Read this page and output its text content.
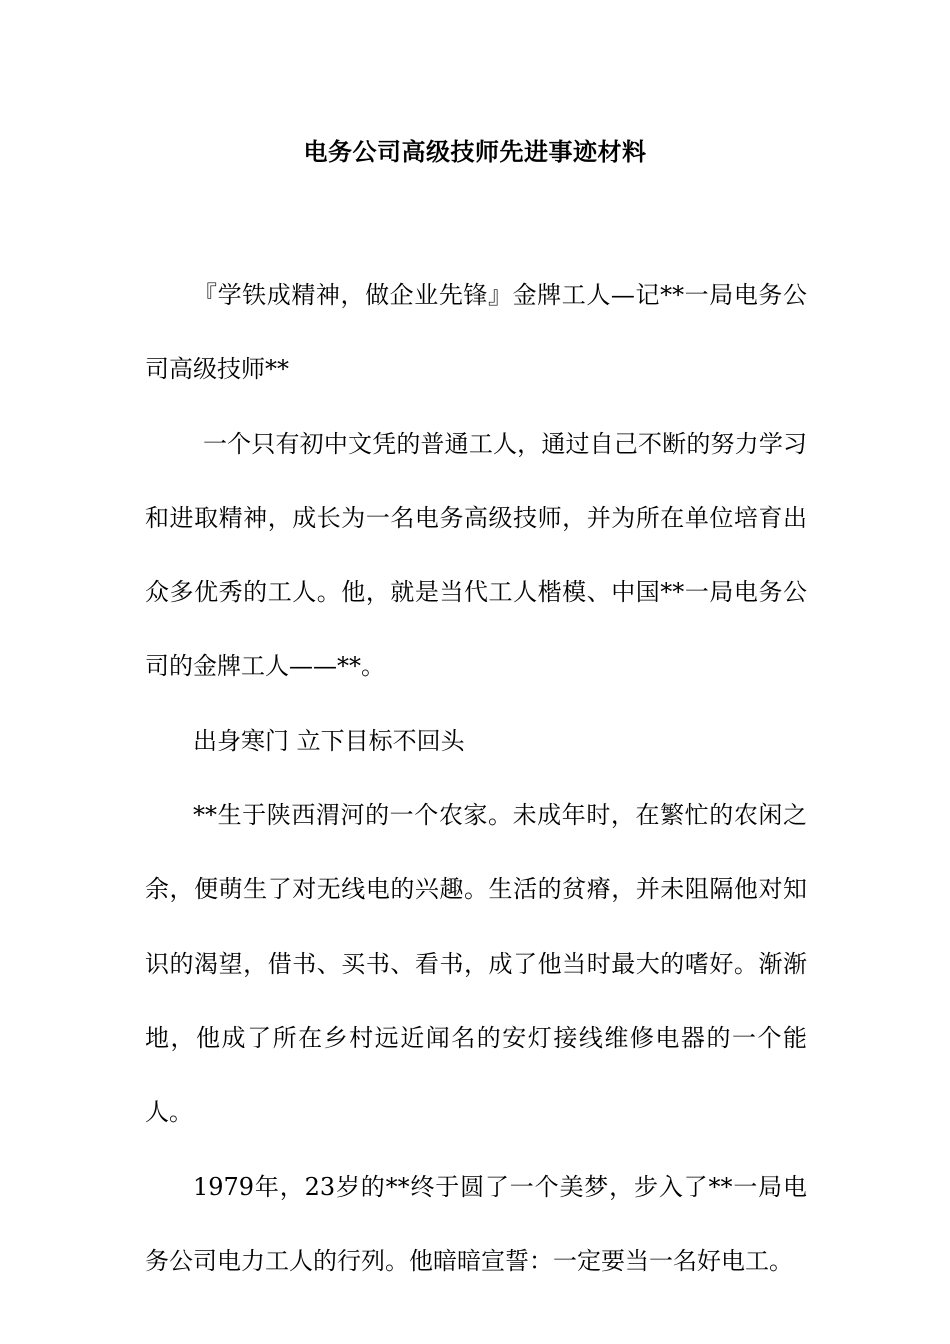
电务公司高级技师先进事迹材料

『学铁成精神，做企业先锋』金牌工人—记**一局电务公司高级技师**

一个只有初中文凭的普通工人，通过自己不断的努力学习和进取精神，成长为一名电务高级技师，并为所在单位培育出众多优秀的工人。他，就是当代工人楷模、中国**一局电务公司的金牌工人——**。

出身寒门 立下目标不回头

**生于陕西渭河的一个农家。未成年时，在繁忙的农闲之余，便萌生了对无线电的兴趣。生活的贫瘠，并未阻隔他对知识的渴望，借书、买书、看书，成了他当时最大的嗜好。渐渐地，他成了所在乡村远近闻名的安灯接线维修电器的一个能人。

1979年，23岁的**终于圆了一个美梦，步入了**一局电务公司电力工人的行列。他暗暗宣誓：一定要当一名好电工。
